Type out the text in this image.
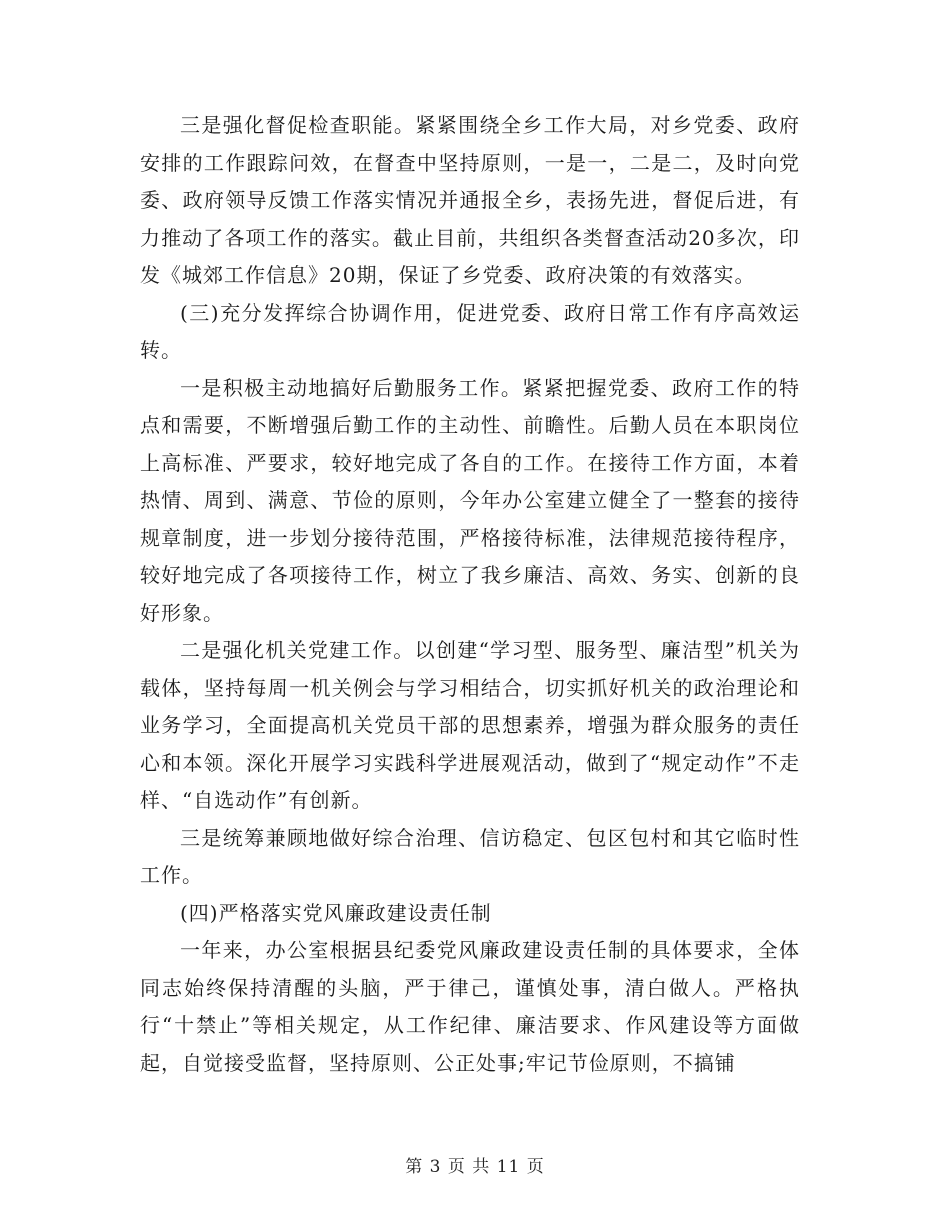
三是强化督促检查职能。紧紧围绕全乡工作大局，对乡党委、政府安排的工作跟踪问效，在督查中坚持原则，一是一，二是二，及时向党委、政府领导反馈工作落实情况并通报全乡，表扬先进，督促后进，有力推动了各项工作的落实。截止目前，共组织各类督查活动20多次，印发《城郊工作信息》20期，保证了乡党委、政府决策的有效落实。

(三)充分发挥综合协调作用，促进党委、政府日常工作有序高效运转。

一是积极主动地搞好后勤服务工作。紧紧把握党委、政府工作的特点和需要，不断增强后勤工作的主动性、前瞻性。后勤人员在本职岗位上高标准、严要求，较好地完成了各自的工作。在接待工作方面，本着热情、周到、满意、节俭的原则，今年办公室建立健全了一整套的接待规章制度，进一步划分接待范围，严格接待标准，法律规范接待程序，较好地完成了各项接待工作，树立了我乡廉洁、高效、务实、创新的良好形象。

二是强化机关党建工作。以创建“学习型、服务型、廉洁型”机关为载体，坚持每周一机关例会与学习相结合，切实抓好机关的政治理论和业务学习，全面提高机关党员干部的思想素养，增强为群众服务的责任心和本领。深化开展学习实践科学进展观活动，做到了“规定动作”不走样、“自选动作”有创新。

三是统筹兼顾地做好综合治理、信访稳定、包区包村和其它临时性工作。

(四)严格落实党风廉政建设责任制

一年来，办公室根据县纪委党风廉政建设责任制的具体要求，全体同志始终保持清醒的头脑，严于律己，谨慎处事，清白做人。严格执行“十禁止”等相关规定，从工作纪律、廉洁要求、作风建设等方面做起，自觉接受监督，坚持原则、公正处事;牢记节俭原则，不搞铺

第 3 页 共 11 页
